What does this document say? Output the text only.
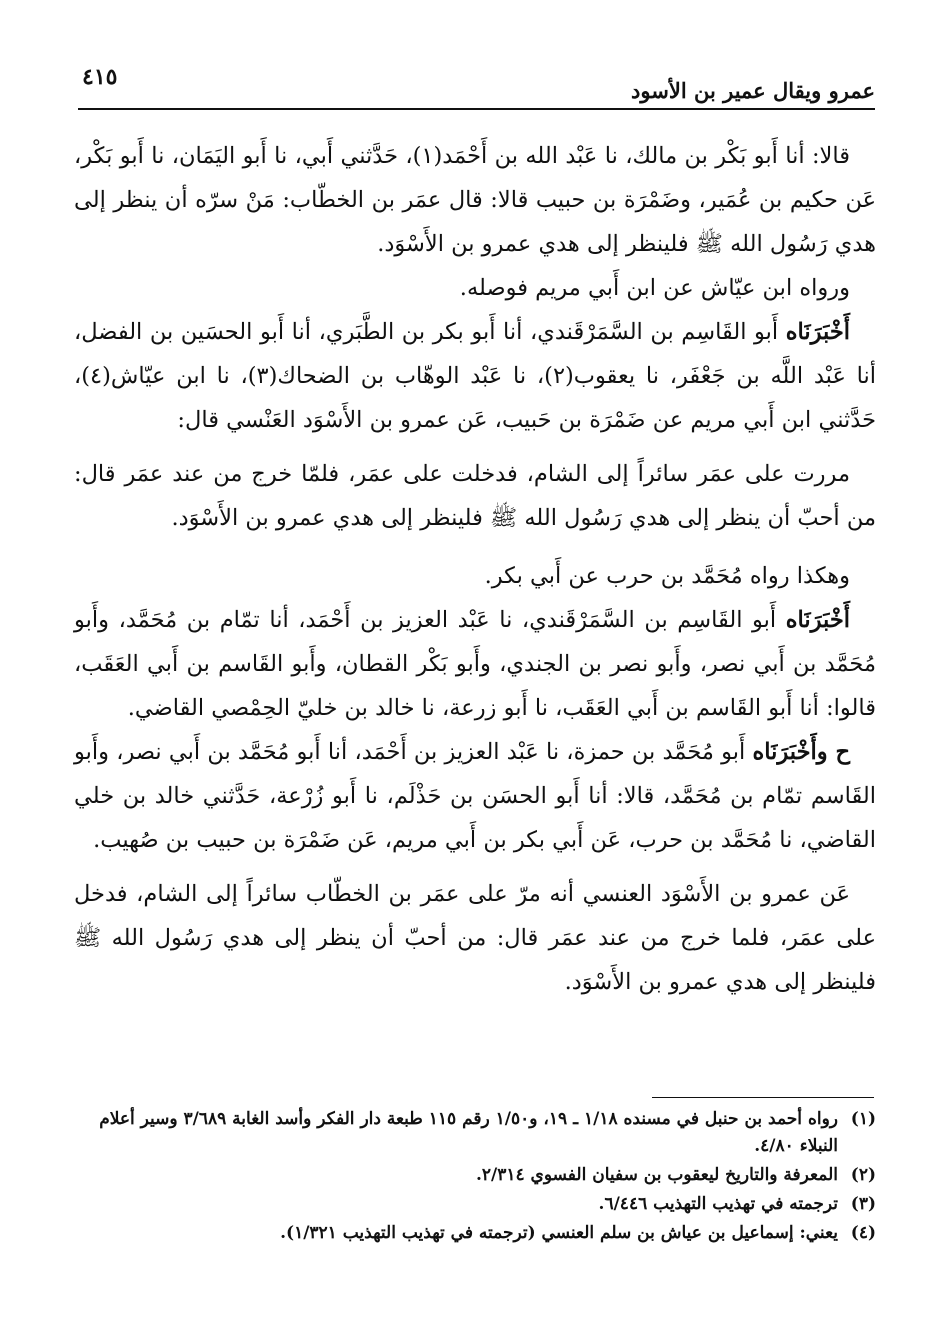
٤١٥
عمرو ويقال عمير بن الأسود

قالا: أنا أَبو بَكْر بن مالك، نا عَبْد الله بن أَحْمَد(١)، حَدَّثني أَبي، نا أَبو اليَمَان، نا أَبو بَكْر، عَن حكيم بن عُمَير، وضَمْرَة بن حبيب قالا: قال عمَر بن الخطّاب: مَنْ سرّه أن ينظر إلى هدي رَسُول الله ﷺ فلينظر إلى هدي عمرو بن الأَسْوَد.

ورواه ابن عيّاش عن ابن أَبي مريم فوصله.

أَخْبَرَنَاه أَبو القَاسِم بن السَّمَرْقَندي، أنا أَبو بكر بن الطَّبَري، أنا أَبو الحسَين بن الفضل، أنا عَبْد اللَّه بن جَعْفَر، نا يعقوب(٢)، نا عَبْد الوهّاب بن الضحاك(٣)، نا ابن عيّاش(٤)، حَدَّثني ابن أَبي مريم عن ضَمْرَة بن حَبيب، عَن عمرو بن الأَسْوَد العَنْسي قال:

مررت على عمَر سائراً إلى الشام، فدخلت على عمَر، فلمّا خرج من عند عمَر قال: من أحبّ أن ينظر إلى هدي رَسُول الله ﷺ فلينظر إلى هدي عمرو بن الأَسْوَد.

وهكذا رواه مُحَمَّد بن حرب عن أَبي بكر.

أَخْبَرَنَاه أَبو القَاسِم بن السَّمَرْقَندي، نا عَبْد العزيز بن أَحْمَد، أنا تمّام بن مُحَمَّد، وأَبو مُحَمَّد بن أَبي نصر، وأَبو نصر بن الجندي، وأَبو بَكْر القطان، وأَبو القَاسم بن أَبي العَقَب، قالوا: أنا أَبو القَاسم بن أَبي العَقَب، نا أَبو زرعة، نا خالد بن خليّ الحِمْصي القاضي.

ح وأَخْبَرَنَاه أَبو مُحَمَّد بن حمزة، نا عَبْد العزيز بن أَحْمَد، أنا أَبو مُحَمَّد بن أَبي نصر، وأَبو القَاسم تمّام بن مُحَمَّد، قالا: أنا أَبو الحسَن بن حَذْلَم، نا أَبو زُرْعة، حَدَّثني خالد بن خلي القاضي، نا مُحَمَّد بن حرب، عَن أَبي بكر بن أَبي مريم، عَن ضَمْرَة بن حبيب بن صُهيب.

عَن عمرو بن الأَسْوَد العنسي أنه مرّ على عمَر بن الخطّاب سائراً إلى الشام، فدخل على عمَر، فلما خرج من عند عمَر قال: من أحبّ أن ينظر إلى هدي رَسُول الله ﷺ فلينظر إلى هدي عمرو بن الأَسْوَد.

(١)
رواه أحمد بن حنبل في مسنده ١/١٨ ـ ١٩، و١/٥٠ رقم ١١٥ طبعة دار الفكر وأسد الغابة ٣/٦٨٩ وسير أعلام النبلاء ٤/٨٠.
(٢)
المعرفة والتاريخ ليعقوب بن سفيان الفسوي ٢/٣١٤.
(٣)
ترجمته في تهذيب التهذيب ٦/٤٤٦.
(٤)
يعني: إسماعيل بن عياش بن سلم العنسي (ترجمته في تهذيب التهذيب ١/٣٢١).
